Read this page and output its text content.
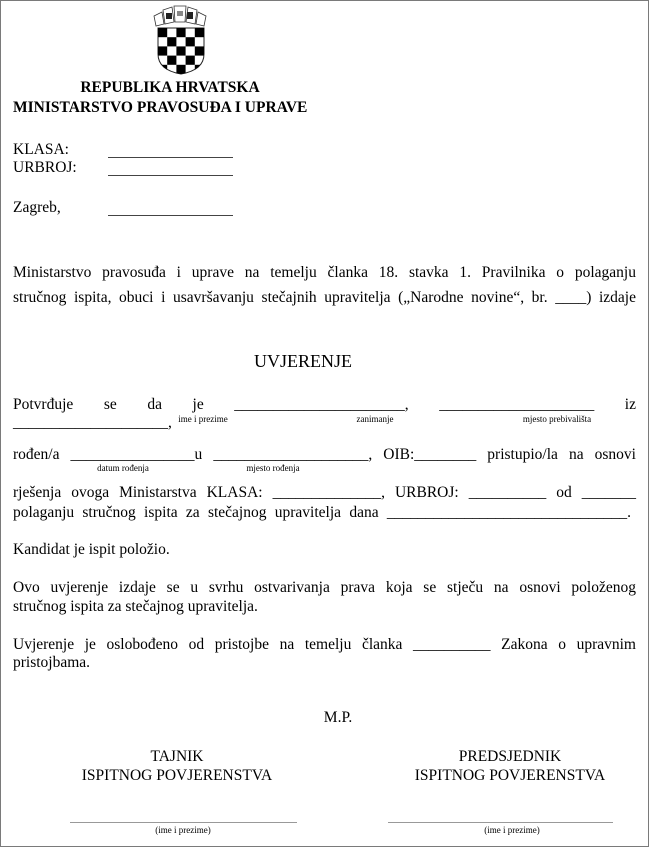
REPUBLIKA HRVATSKA
MINISTARSTVO PRAVOSUĐA I UPRAVE
KLASA:
URBROJ:
Zagreb,
Ministarstvo pravosuđa i uprave na temelju članka 18. stavka 1. Pravilnika o polaganju
stručnog ispita, obuci i usavršavanju stečajnih upravitelja („Narodne novine“, br. ____) izdaje
UVJERENJE
Potvrđuje se da je ______________________, ____________________ iz ____________________, ime i prezime	zanimanje	mjesto prebivališta
rođen/a ________________u ____________________, OIB:________ pristupio/la na osnovi
datum rođenja	mjesto rođenja
rješenja ovoga Ministarstva KLASA: ______________, URBROJ: __________ od _______
polaganju stručnog ispita za stečajnog upravitelja dana _______________________________.
Kandidat je ispit položio.
Ovo uvjerenje izdaje se u svrhu ostvarivanja prava koja se stječu na osnovi položenog
stručnog ispita za stečajnog upravitelja.
Uvjerenje je oslobođeno od pristojbe na temelju članka __________ Zakona o upravnim
pristojbama.
M.P.
TAJNIK
ISPITNOG POVJERENSTVA
PREDSJEDNIK
ISPITNOG POVJERENSTVA
(ime i prezime)	(ime i prezime)
